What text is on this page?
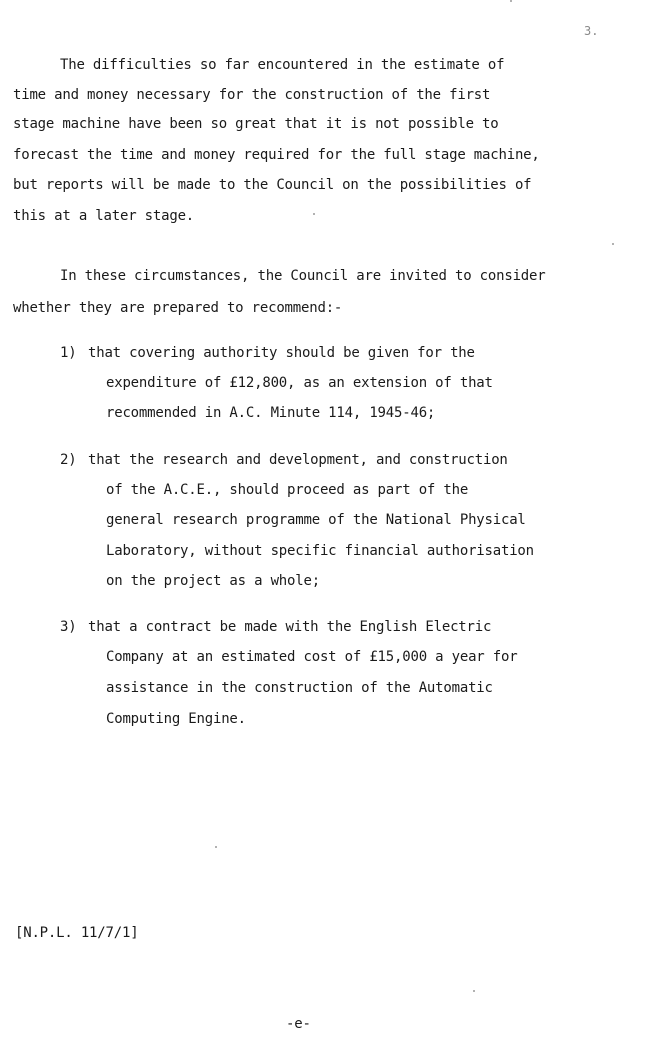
3.
The difficulties so far encountered in the estimate of
time and money necessary for the construction of the first
stage machine have been so great that it is not possible to
forecast the time and money required for the full stage machine,
but reports will be made to the Council on the possibilities of
this at a later stage.
In these circumstances, the Council are invited to consider
whether they are prepared to recommend:-
1) that covering authority should be given for the
expenditure of £12,800, as an extension of that
recommended in A.C. Minute 114, 1945-46;
2) that the research and development, and construction
of the A.C.E., should proceed as part of the
general research programme of the National Physical
Laboratory, without specific financial authorisation
on the project as a whole;
3) that a contract be made with the English Electric
Company at an estimated cost of £15,000 a year for
assistance in the construction of the Automatic
Computing Engine.
[N.P.L. 11/7/1]
-e-
